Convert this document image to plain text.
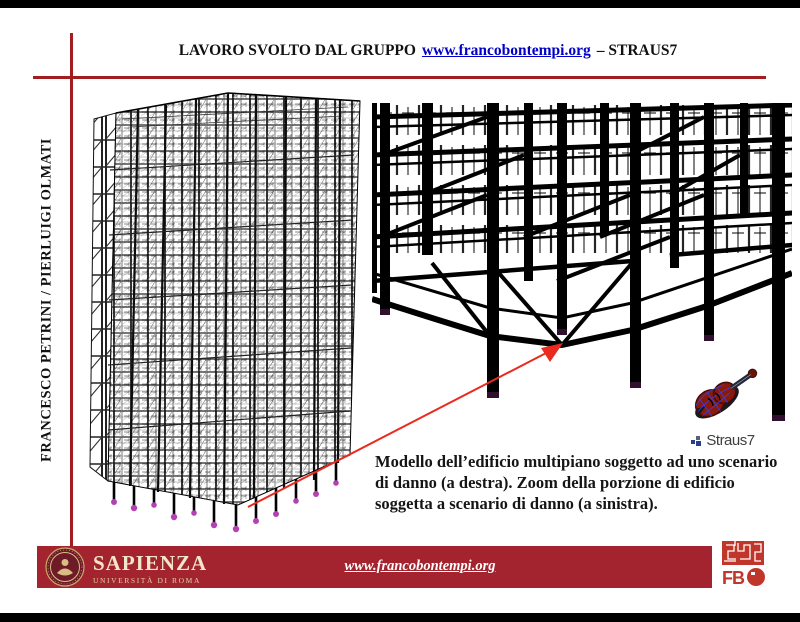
LAVORO SVOLTO DAL GRUPPO www.francobontempi.org – STRAUS7
FRANCESCO PETRINI / PIERLUIGI OLMATI	Modello dell’edificio multipiano soggetto ad uno scenario di danno (a destra). Zoom della porzione di edificio soggetta a scenario di danno (a sinistra).
Straus7
SAPIENZA
UNIVERSITÀ DI ROMA
www.francobontempi.org
FB
